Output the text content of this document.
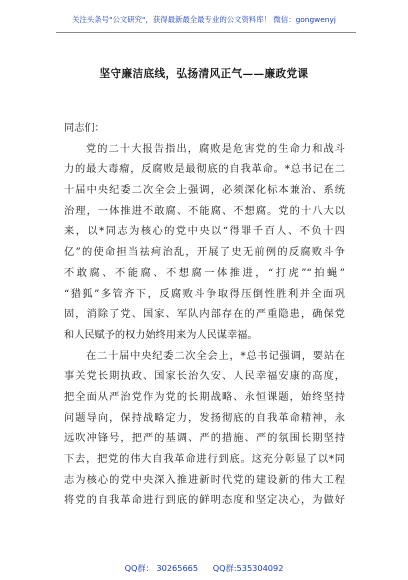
关注头条号"公文研究"，获得最新最全最专业的公文资料库！ 微信：gongwenyj
坚守廉洁底线，弘扬清风正气——廉政党课
同志们：
党的二十大报告指出，腐败是危害党的生命力和战斗
力的最大毒瘤，反腐败是最彻底的自我革命。*总书记在二
十届中央纪委二次全会上强调，必须深化标本兼治、系统
治理，一体推进不敢腐、不能腐、不想腐。党的十八大以
来，以*同志为核心的党中央以“得罪千百人、不负十四
亿”的使命担当祛疴治乱，开展了史无前例的反腐败斗争
不敢腐、不能腐、不想腐一体推进，“打虎”“拍蝇”
“猎狐”多管齐下，反腐败斗争取得压倒性胜利并全面巩
固，消除了党、国家、军队内部存在的严重隐患，确保党
和人民赋予的权力始终用来为人民谋幸福。
在二十届中央纪委二次全会上，*总书记强调，要站在
事关党长期执政、国家长治久安、人民幸福安康的高度，
把全面从严治党作为党的长期战略、永恒课题，始终坚持
问题导向，保持战略定力，发扬彻底的自我革命精神，永
远吹冲锋号，把严的基调、严的措施、严的氛围长期坚持
下去，把党的伟大自我革命进行到底。这充分彰显了以*同
志为核心的党中央深入推进新时代党的建设新的伟大工程
将党的自我革命进行到底的鲜明态度和坚定决心，为做好
QQ群： 30265665 QQ群:535304092
